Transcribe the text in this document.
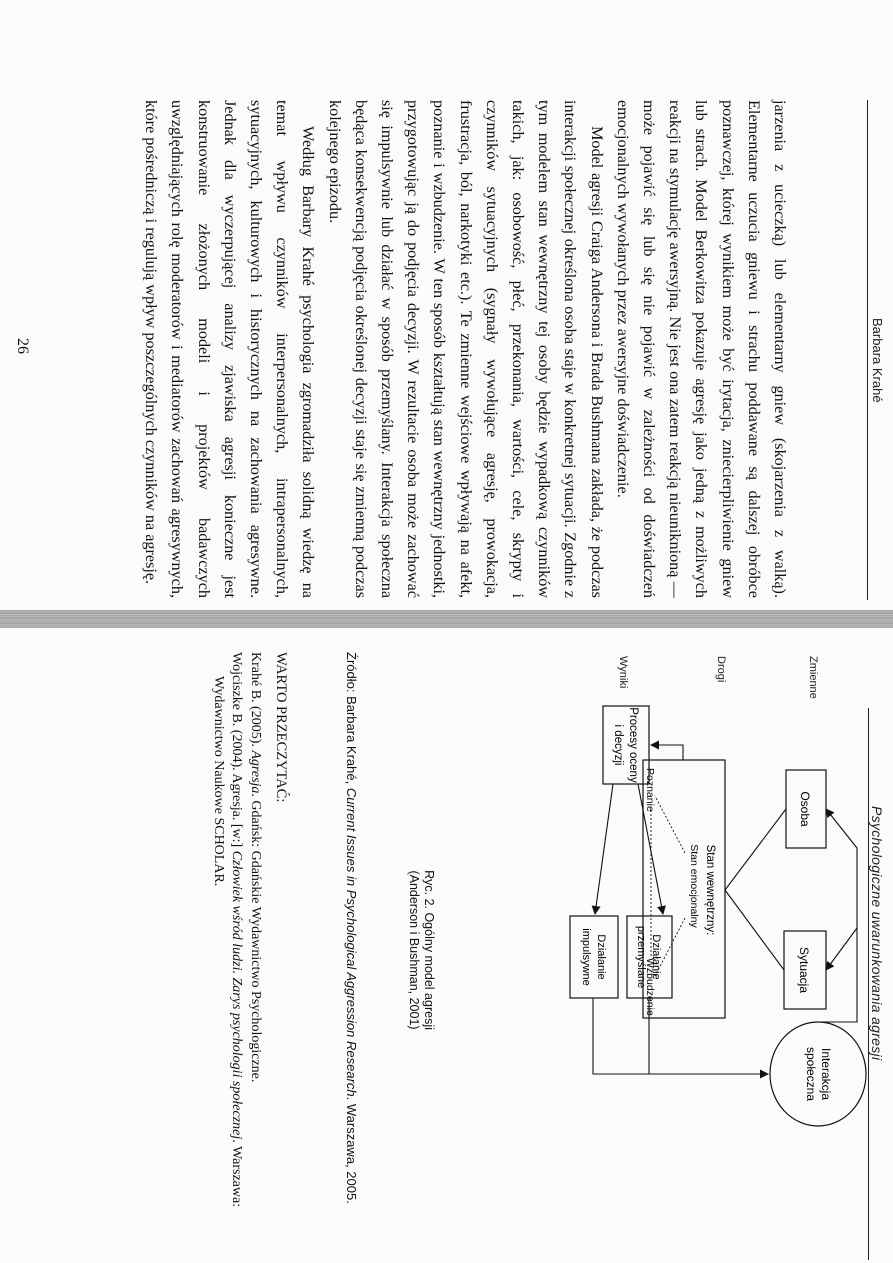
Barbara Krahé

jarzenia z ucieczką) lub elementarny gniew (skojarzenia z walką). Elementarne uczucia gniewu i strachu poddawane są dalszej obróbce poznawczej, której wynikiem może być irytacja, zniecierpliwienie gniew lub strach. Model Berkowitza pokazuje agresję jako jedną z możliwych reakcji na stymulację awersyjną. Nie jest ona zatem reakcją nieuniknioną — może pojawić się lub się nie pojawić w zależności od doświadczeń emocjonalnych wywołanych przez awersyjne doświadczenie.

Model agresji Craiga Andersona i Brada Bushmana zakłada, że podczas interakcji społecznej określona osoba staje w konkretnej sytuacji. Zgodnie z tym modelem stan wewnętrzny tej osoby będzie wypadkową czynników takich, jak: osobowość, płeć, przekonania, wartości, cele, skrypty i czynników sytuacyjnych (sygnały wywołujące agresję, prowokacja, frustracja, ból, narkotyki etc.). Te zmienne wejściowe wpływają na afekt, poznanie i wzbudzenie. W ten sposób kształtują stan wewnętrzny jednostki, przygotowując ją do podjęcia decyzji. W rezultacie osoba może zachować się impulsywnie lub działać w sposób przemyślany. Interakcja społeczna będąca konsekwencją podjęcia określonej decyzji staje się zmienną podczas kolejnego epizodu.

Według Barbary Krahé psychologia zgromadziła solidną wiedzę na temat wpływu czynników interpersonalnych, intrapersonalnych, sytuacyjnych, kulturowych i historycznych na zachowania agresywne. Jednak dla wyczerpującej analizy zjawiska agresji konieczne jest konstruowanie złożonych modeli i projektów badawczych uwzględniających rolę moderatorów i mediatorów zachowań agresywnych, które pośredniczą i regulują wpływ poszczególnych czynników na agresję.

26
Psychologiczne uwarunkowania agresji
Zmienne
Drogi
Wyniki
Osoba
Sytuacja
Interakcja
społeczna
Stan wewnętrzny:
Stan emocjonalny
Poznanie
Wzbudzenie
Procesy oceny
i decyzji
Działanie
przemyślane
Działanie
impulsywne
Ryc. 2. Ogólny model agresji
(Anderson i Bushman, 2001)
Źródło: Barbara Krahé, Current Issues in Psychological Aggression Research. Warszawa, 2005.
WARTO PRZECZYTAĆ:

Krahé B. (2005). Agresja. Gdańsk: Gdańskie Wydawnictwo Psychologiczne.

Wojciszke B. (2004). Agresja. [w:] Człowiek wśród ludzi. Zarys psychologii społecznej. Warszawa: Wydawnictwo Naukowe SCHOLAR.
